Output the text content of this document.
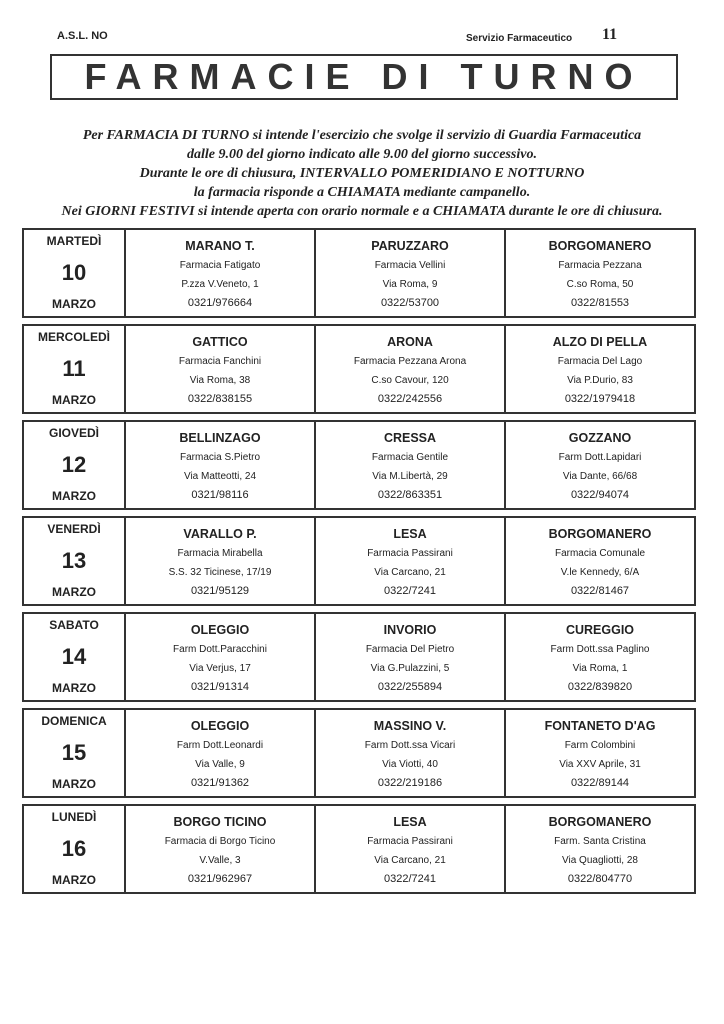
A.S.L. NO	Servizio Farmaceutico 11
FARMACIE DI TURNO
Per FARMACIA DI TURNO si intende l'esercizio che svolge il servizio di Guardia Farmaceutica
dalle 9.00 del giorno indicato alle 9.00 del giorno successivo.
Durante le ore di chiusura, INTERVALLO POMERIDIANO E NOTTURNO
la farmacia risponde a CHIAMATA mediante campanello.
Nei GIORNI FESTIVI si intende aperta con orario normale e a CHIAMATA durante le ore di chiusura.
MARTEDÌ
10
MARZO
MARANO T.
Farmacia Fatigato
P.zza V.Veneto, 1
0321/976664
PARUZZARO
Farmacia Vellini
Via Roma, 9
0322/53700
BORGOMANERO
Farmacia Pezzana
C.so Roma, 50
0322/81553
MERCOLEDÌ
11
MARZO
GATTICO
Farmacia Fanchini
Via Roma, 38
0322/838155
ARONA
Farmacia Pezzana Arona
C.so Cavour, 120
0322/242556
ALZO DI PELLA
Farmacia Del Lago
Via P.Durio, 83
0322/1979418
GIOVEDÌ
12
MARZO
BELLINZAGO
Farmacia S.Pietro
Via Matteotti, 24
0321/98116
CRESSA
Farmacia Gentile
Via M.Libertà, 29
0322/863351
GOZZANO
Farm Dott.Lapidari
Via Dante, 66/68
0322/94074
VENERDÌ
13
MARZO
VARALLO P.
Farmacia Mirabella
S.S. 32 Ticinese, 17/19
0321/95129
LESA
Farmacia Passirani
Via Carcano, 21
0322/7241
BORGOMANERO
Farmacia Comunale
V.le Kennedy, 6/A
0322/81467
SABATO
14
MARZO
OLEGGIO
Farm Dott.Paracchini
Via Verjus, 17
0321/91314
INVORIO
Farmacia Del Pietro
Via G.Pulazzini, 5
0322/255894
CUREGGIO
Farm Dott.ssa Paglino
Via Roma, 1
0322/839820
DOMENICA
15
MARZO
OLEGGIO
Farm Dott.Leonardi
Via Valle, 9
0321/91362
MASSINO V.
Farm Dott.ssa Vicari
Via Viotti, 40
0322/219186
FONTANETO D'AG
Farm Colombini
Via XXV Aprile, 31
0322/89144
LUNEDÌ
16
MARZO
BORGO TICINO
Farmacia di Borgo Ticino
V.Valle, 3
0321/962967
LESA
Farmacia Passirani
Via Carcano, 21
0322/7241
BORGOMANERO
Farm. Santa Cristina
Via Quagliotti, 28
0322/804770
